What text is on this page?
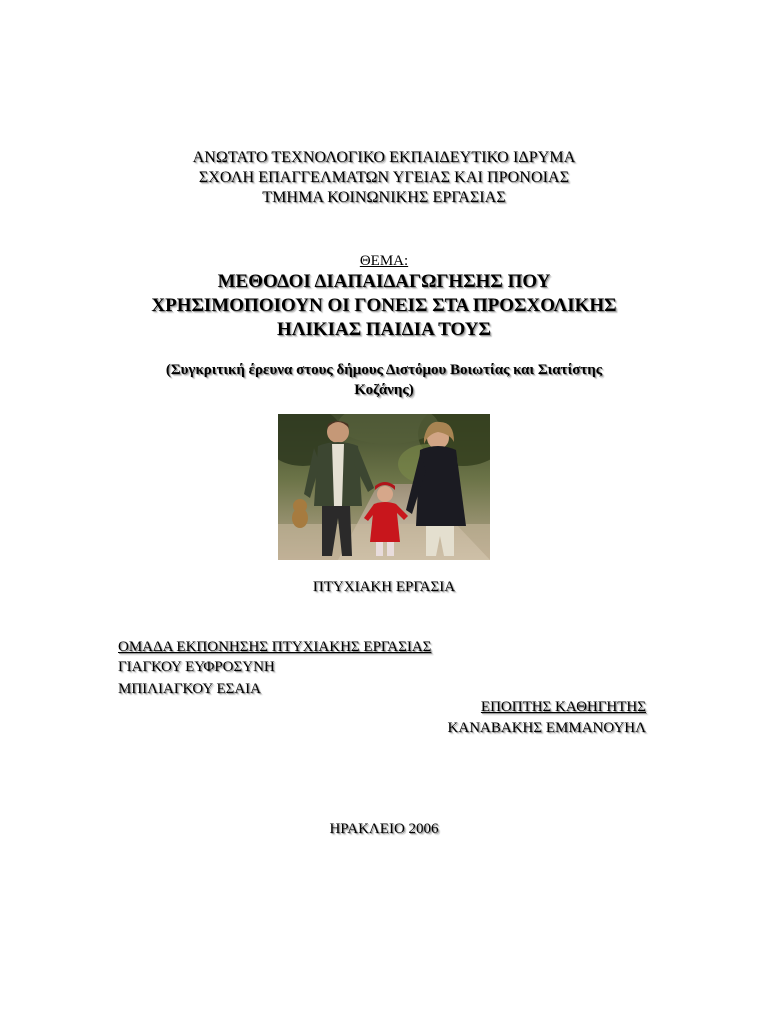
ΑΝΩΤΑΤΟ ΤΕΧΝΟΛΟΓΙΚΟ ΕΚΠΑΙΔΕΥΤΙΚΟ ΙΔΡΥΜΑ
ΣΧΟΛΗ ΕΠΑΓΓΕΛΜΑΤΩΝ ΥΓΕΙΑΣ ΚΑΙ ΠΡΟΝΟΙΑΣ
ΤΜΗΜΑ ΚΟΙΝΩΝΙΚΗΣ ΕΡΓΑΣΙΑΣ
ΘΕΜΑ:
ΜΕΘΟΔΟΙ ΔΙΑΠΑΙΔΑΓΩΓΗΣΗΣ ΠΟΥ
ΧΡΗΣΙΜΟΠΟΙΟΥΝ ΟΙ ΓΟΝΕΙΣ ΣΤΑ ΠΡΟΣΧΟΛΙΚΗΣ
ΗΛΙΚΙΑΣ ΠΑΙΔΙΑ ΤΟΥΣ
(Συγκριτική έρευνα στους δήμους Διστόμου Βοιωτίας και Σιατίστης
Κοζάνης)
ΠΤΥΧΙΑΚΗ ΕΡΓΑΣΙΑ
ΟΜΑΔΑ ΕΚΠΟΝΗΣΗΣ ΠΤΥΧΙΑΚΗΣ ΕΡΓΑΣΙΑΣ
ΓΙΑΓΚΟΥ ΕΥΦΡΟΣΥΝΗ
ΜΠΙΛΙΑΓΚΟΥ ΕΣΑΙΑ
ΕΠΟΠΤΗΣ ΚΑΘΗΓΗΤΗΣ
ΚΑΝΑΒΑΚΗΣ ΕΜΜΑΝΟΥΗΛ
ΗΡΑΚΛΕΙΟ 2006
